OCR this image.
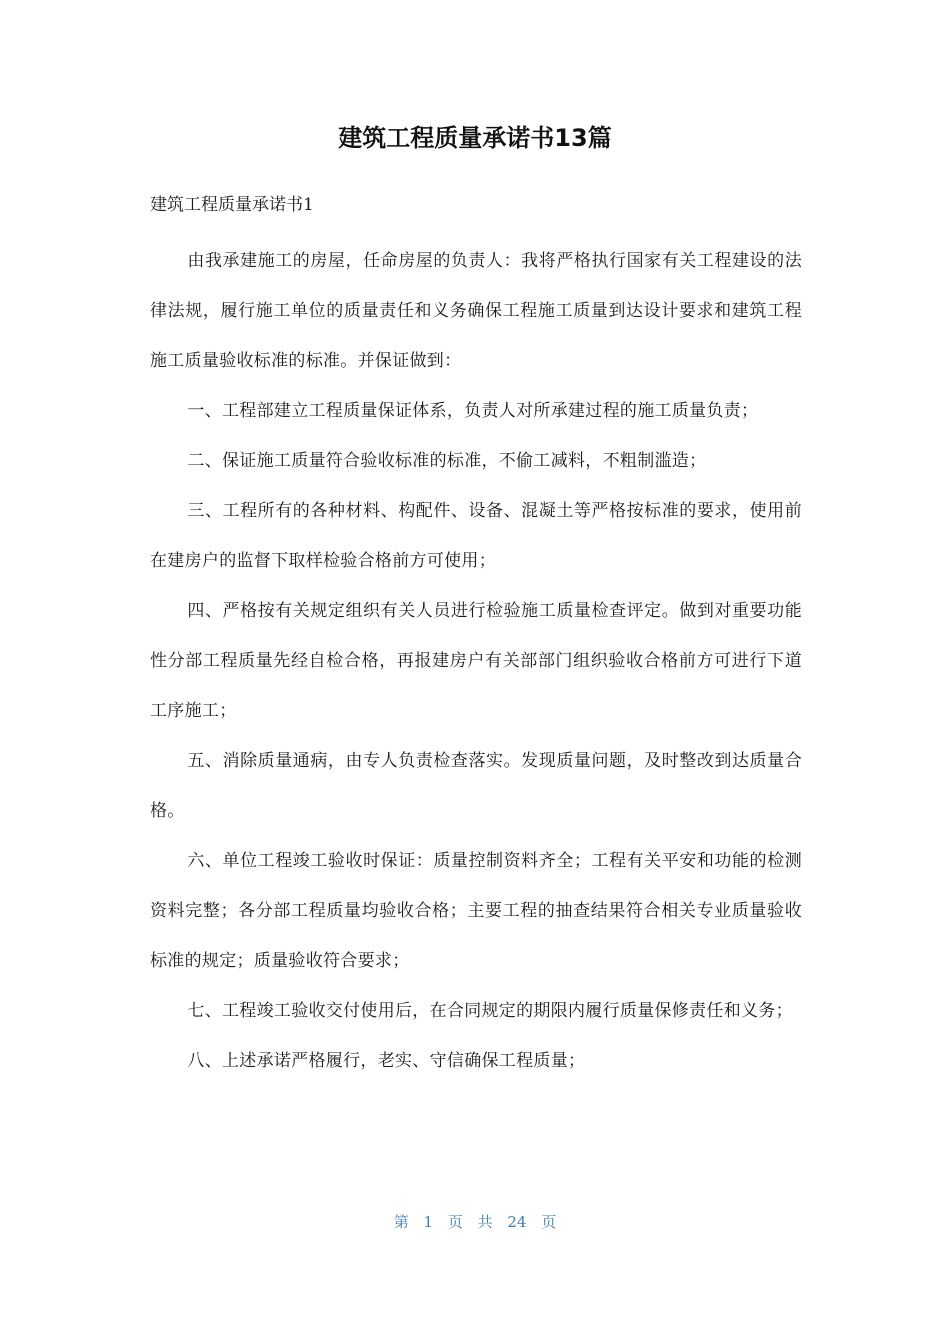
建筑工程质量承诺书13篇

建筑工程质量承诺书1

由我承建施工的房屋，任命房屋的负责人：我将严格执行国家有关工程建设的法律法规，履行施工单位的质量责任和义务确保工程施工质量到达设计要求和建筑工程施工质量验收标准的标准。并保证做到：

一、工程部建立工程质量保证体系，负责人对所承建过程的施工质量负责；

二、保证施工质量符合验收标准的标准，不偷工减料，不粗制滥造；

三、工程所有的各种材料、构配件、设备、混凝土等严格按标准的要求，使用前在建房户的监督下取样检验合格前方可使用；

四、严格按有关规定组织有关人员进行检验施工质量检查评定。做到对重要功能性分部工程质量先经自检合格，再报建房户有关部部门组织验收合格前方可进行下道工序施工；

五、消除质量通病，由专人负责检查落实。发现质量问题，及时整改到达质量合格。

六、单位工程竣工验收时保证：质量控制资料齐全；工程有关平安和功能的检测资料完整；各分部工程质量均验收合格；主要工程的抽查结果符合相关专业质量验收标准的规定；质量验收符合要求；

七、工程竣工验收交付使用后，在合同规定的期限内履行质量保修责任和义务；

八、上述承诺严格履行，老实、守信确保工程质量；

第 1 页 共 24 页
